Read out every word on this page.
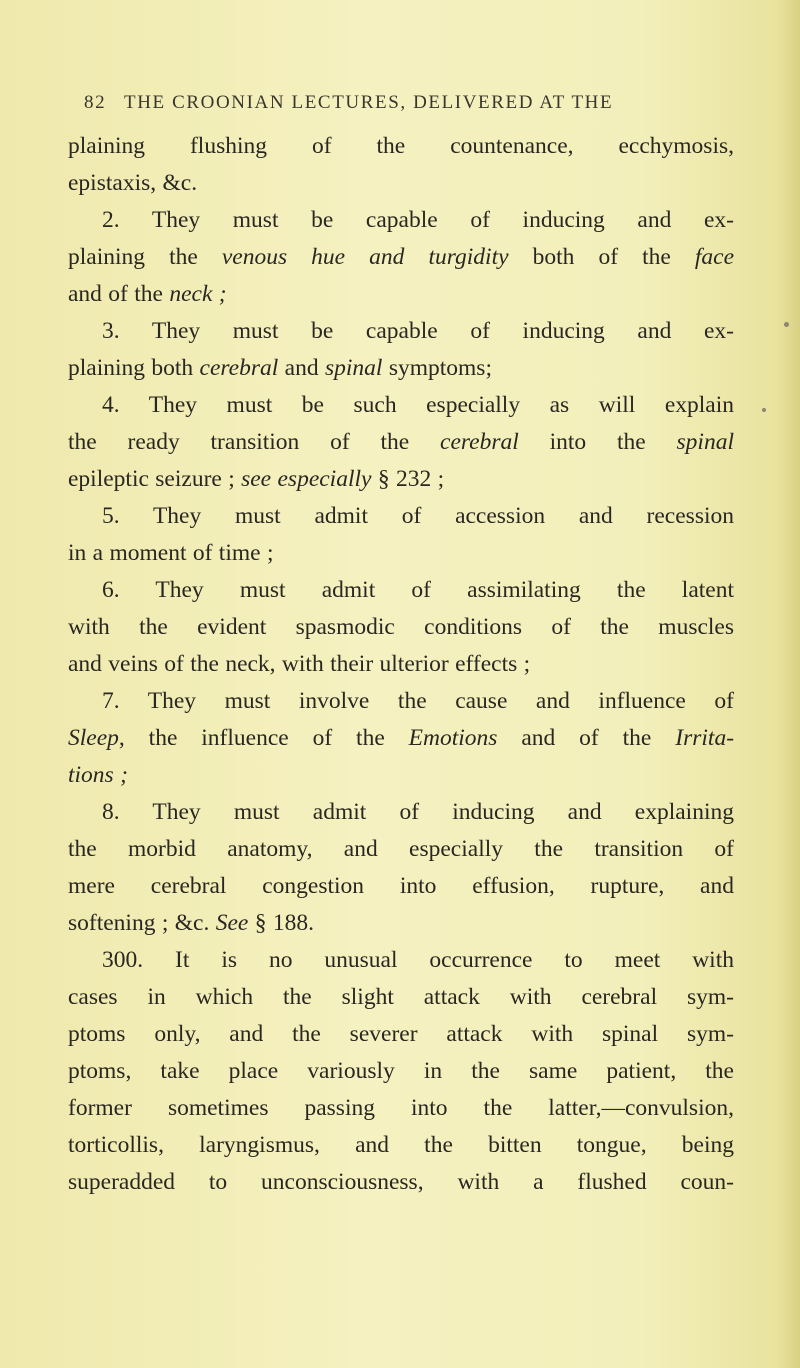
82 THE CROONIAN LECTURES, DELIVERED AT THE
plaining flushing of the countenance, ecchymosis,
epistaxis, &c.
2. They must be capable of inducing and ex-
plaining the venous hue and turgidity both of the face
and of the neck ;
3. They must be capable of inducing and ex-
plaining both cerebral and spinal symptoms;
4. They must be such especially as will explain
the ready transition of the cerebral into the spinal
epileptic seizure ; see especially § 232 ;
5. They must admit of accession and recession
in a moment of time ;
6. They must admit of assimilating the latent
with the evident spasmodic conditions of the muscles
and veins of the neck, with their ulterior effects ;
7. They must involve the cause and influence of
Sleep, the influence of the Emotions and of the Irrita-
tions ;
8. They must admit of inducing and explaining
the morbid anatomy, and especially the transition of
mere cerebral congestion into effusion, rupture, and
softening ; &c. See § 188.
300. It is no unusual occurrence to meet with
cases in which the slight attack with cerebral sym-
ptoms only, and the severer attack with spinal sym-
ptoms, take place variously in the same patient, the
former sometimes passing into the latter,—convulsion,
torticollis, laryngismus, and the bitten tongue, being
superadded to unconsciousness, with a flushed coun-
